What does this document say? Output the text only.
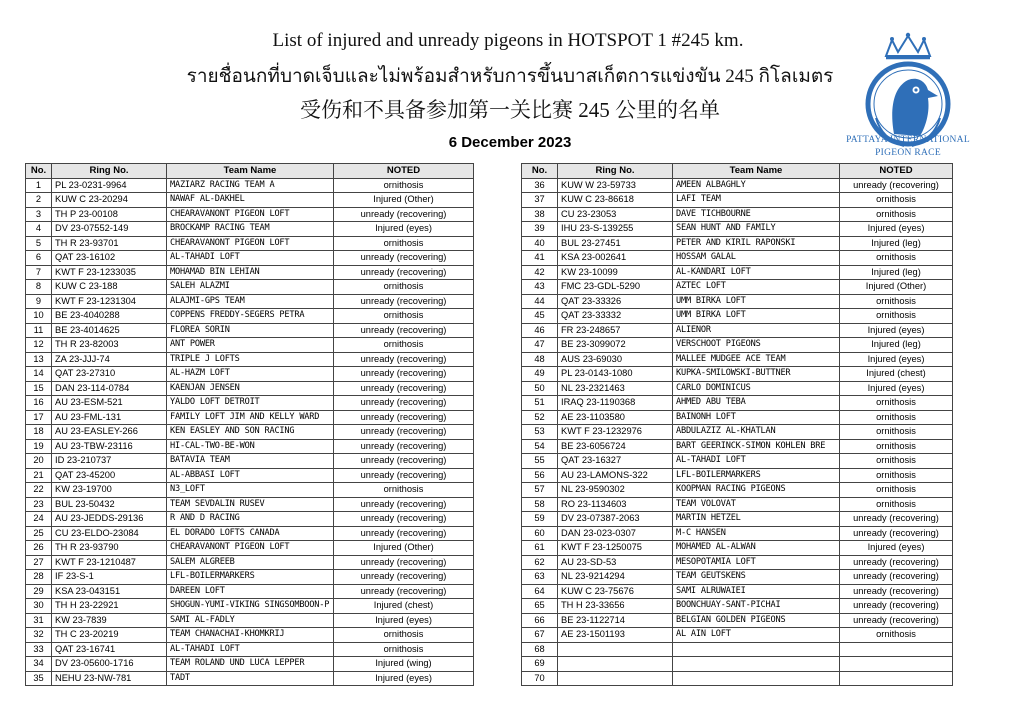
List of injured and unready pigeons in HOTSPOT 1 #245 km.
รายชื่อนกที่บาดเจ็บและไม่พร้อมสำหรับการขึ้นบาสเก็ตการแข่งขัน 245 กิโลเมตร
受伤和不具备参加第一关比赛 245 公里的名单
6 December 2023	PATTAYA INTERNATIONAL
PIGEON RACE
No.	Ring No.	Team Name	NOTED
1	PL 23-0231-9964	MAZIARZ RACING TEAM A	ornithosis
2	KUW C 23-20294	NAWAF AL-DAKHEL	Injured (Other)
3	TH P 23-00108	CHEARAVANONT PIGEON LOFT	unready (recovering)
4	DV 23-07552-149	BROCKAMP RACING TEAM	Injured (eyes)
5	TH R 23-93701	CHEARAVANONT PIGEON LOFT	ornithosis
6	QAT 23-16102	AL-TAHADI LOFT	unready (recovering)
7	KWT F 23-1233035	MOHAMAD BIN LEHIAN	unready (recovering)
8	KUW C 23-188	SALEH ALAZMI	ornithosis
9	KWT F 23-1231304	ALAJMI-GPS TEAM	unready (recovering)
10	BE 23-4040288	COPPENS FREDDY-SEGERS PETRA	ornithosis
11	BE 23-4014625	FLOREA SORIN	unready (recovering)
12	TH R 23-82003	ANT POWER	ornithosis
13	ZA 23-JJJ-74	TRIPLE J LOFTS	unready (recovering)
14	QAT 23-27310	AL-HAZM LOFT	unready (recovering)
15	DAN 23-114-0784	KAENJAN JENSEN	unready (recovering)
16	AU 23-ESM-521	YALDO LOFT DETROIT	unready (recovering)
17	AU 23-FML-131	FAMILY LOFT JIM AND KELLY WARD	unready (recovering)
18	AU 23-EASLEY-266	KEN EASLEY AND SON RACING	unready (recovering)
19	AU 23-TBW-23116	HI-CAL-TWO-BE-WON	unready (recovering)
20	ID 23-210737	BATAVIA TEAM	unready (recovering)
21	QAT 23-45200	AL-ABBASI LOFT	unready (recovering)
22	KW 23-19700	N3_LOFT	ornithosis
23	BUL 23-50432	TEAM SEVDALIN RUSEV	unready (recovering)
24	AU 23-JEDDS-29136	R AND D RACING	unready (recovering)
25	CU 23-ELDO-23084	EL DORADO LOFTS CANADA	unready (recovering)
26	TH R 23-93790	CHEARAVANONT PIGEON LOFT	Injured (Other)
27	KWT F 23-1210487	SALEM ALGREEB	unready (recovering)
28	IF 23-S-1	LFL-BOILERMARKERS	unready (recovering)
29	KSA 23-043151	DAREEN LOFT	unready (recovering)
30	TH H 23-22921	SHOGUN-YUMI-VIKING SINGSOMBOON-P	Injured (chest)
31	KW 23-7839	SAMI AL-FADLY	Injured (eyes)
32	TH C 23-20219	TEAM CHANACHAI-KHOMKRIJ	ornithosis
33	QAT 23-16741	AL-TAHADI LOFT	ornithosis
34	DV 23-05600-1716	TEAM ROLAND UND LUCA LEPPER	Injured (wing)
35	NEHU 23-NW-781	TADT	Injured (eyes)
No.	Ring No.	Team Name	NOTED
36	KUW W 23-59733	AMEEN ALBAGHLY	unready (recovering)
37	KUW C 23-86618	LAFI TEAM	ornithosis
38	CU 23-23053	DAVE TICHBOURNE	ornithosis
39	IHU 23-S-139255	SEAN HUNT AND FAMILY	Injured (eyes)
40	BUL 23-27451	PETER AND KIRIL RAPONSKI	Injured (leg)
41	KSA 23-002641	HOSSAM GALAL	ornithosis
42	KW 23-10099	AL-KANDARI LOFT	Injured (leg)
43	FMC 23-GDL-5290	AZTEC LOFT	Injured (Other)
44	QAT 23-33326	UMM BIRKA LOFT	ornithosis
45	QAT 23-33332	UMM BIRKA LOFT	ornithosis
46	FR 23-248657	ALIENOR	Injured (eyes)
47	BE 23-3099072	VERSCHOOT PIGEONS	Injured (leg)
48	AUS 23-69030	MALLEE MUDGEE ACE TEAM	Injured (eyes)
49	PL 23-0143-1080	KUPKA-SMILOWSKI-BUTTNER	Injured (chest)
50	NL 23-2321463	CARLO DOMINICUS	Injured (eyes)
51	IRAQ 23-1190368	AHMED ABU TEBA	ornithosis
52	AE 23-1103580	BAINONH LOFT	ornithosis
53	KWT F 23-1232976	ABDULAZIZ AL-KHATLAN	ornithosis
54	BE 23-6056724	BART GEERINCK-SIMON KOHLEN BRE	ornithosis
55	QAT 23-16327	AL-TAHADI LOFT	ornithosis
56	AU 23-LAMONS-322	LFL-BOILERMARKERS	ornithosis
57	NL 23-9590302	KOOPMAN RACING PIGEONS	ornithosis
58	RO 23-1134603	TEAM VOLOVAT	ornithosis
59	DV 23-07387-2063	MARTIN HETZEL	unready (recovering)
60	DAN 23-023-0307	M-C HANSEN	unready (recovering)
61	KWT F 23-1250075	MOHAMED AL-ALWAN	Injured (eyes)
62	AU 23-SD-53	MESOPOTAMIA LOFT	unready (recovering)
63	NL 23-9214294	TEAM GEUTSKENS	unready (recovering)
64	KUW C 23-75676	SAMI ALRUWAIEI	unready (recovering)
65	TH H 23-33656	BOONCHUAY-SANT-PICHAI	unready (recovering)
66	BE 23-1122714	BELGIAN GOLDEN PIGEONS	unready (recovering)
67	AE 23-1501193	AL AIN LOFT	ornithosis
68			
69			
70			
